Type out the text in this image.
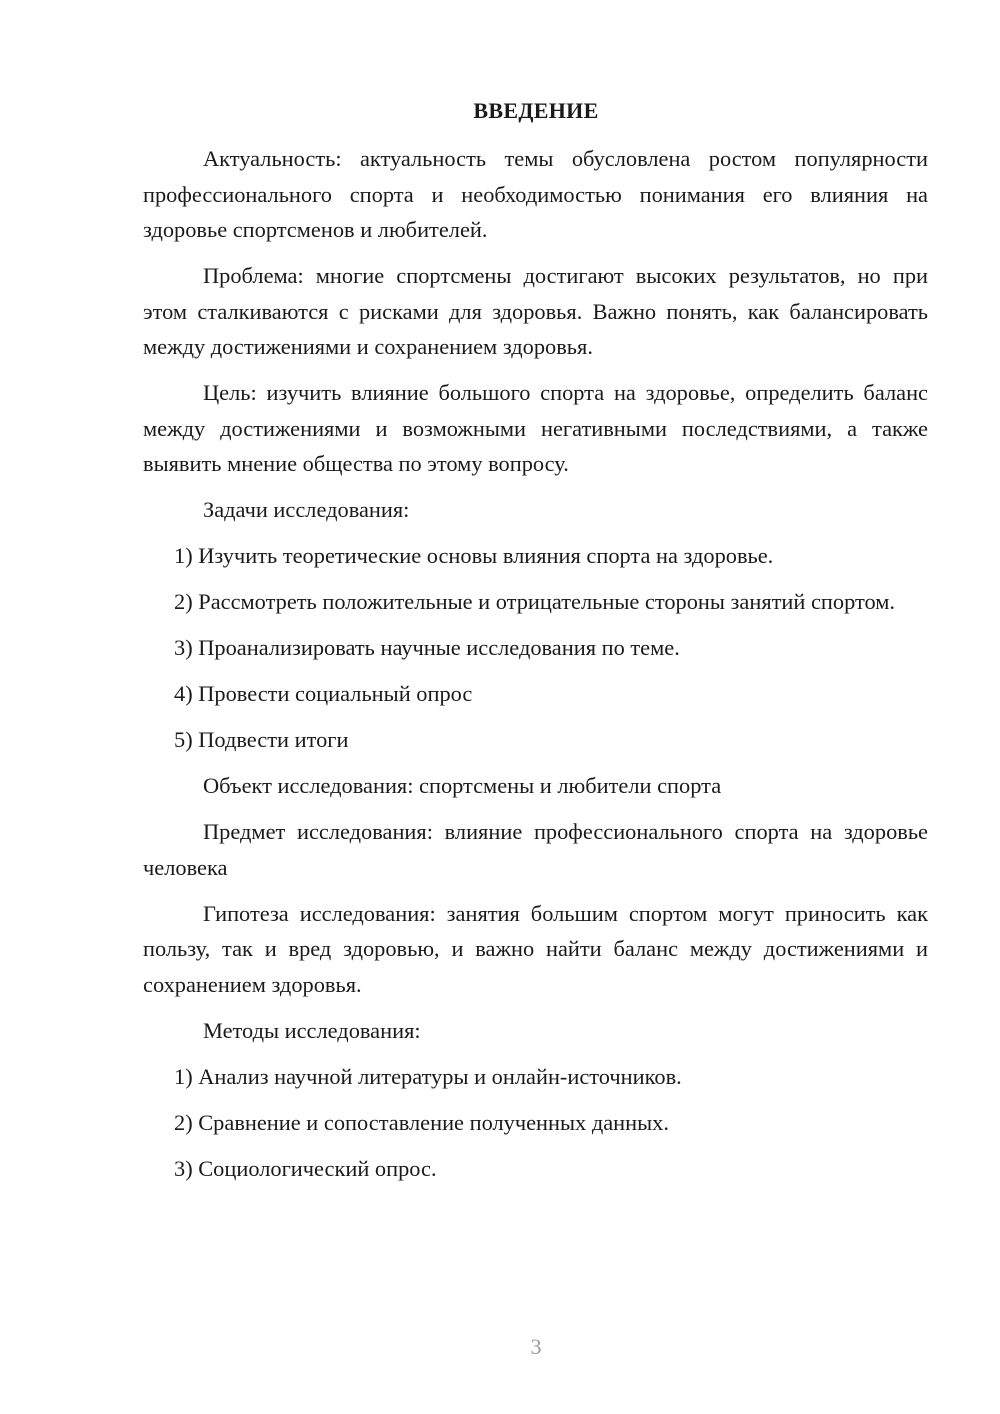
ВВЕДЕНИЕ

Актуальность: актуальность темы обусловлена ростом популярности профессионального спорта и необходимостью понимания его влияния на здоровье спортсменов и любителей.

Проблема: многие спортсмены достигают высоких результатов, но при этом сталкиваются с рисками для здоровья. Важно понять, как балансировать между достижениями и сохранением здоровья.

Цель: изучить влияние большого спорта на здоровье, определить баланс между достижениями и возможными негативными последствиями, а также выявить мнение общества по этому вопросу.

Задачи исследования:

1) Изучить теоретические основы влияния спорта на здоровье.

2) Рассмотреть положительные и отрицательные стороны занятий спортом.

3) Проанализировать научные исследования по теме.

4) Провести социальный опрос

5) Подвести итоги

Объект исследования: спортсмены и любители спорта

Предмет исследования: влияние профессионального спорта на здоровье человека

Гипотеза исследования: занятия большим спортом могут приносить как пользу, так и вред здоровью, и важно найти баланс между достижениями и сохранением здоровья.

Методы исследования:

1) Анализ научной литературы и онлайн-источников.

2) Сравнение и сопоставление полученных данных.

3) Социологический опрос.

3
